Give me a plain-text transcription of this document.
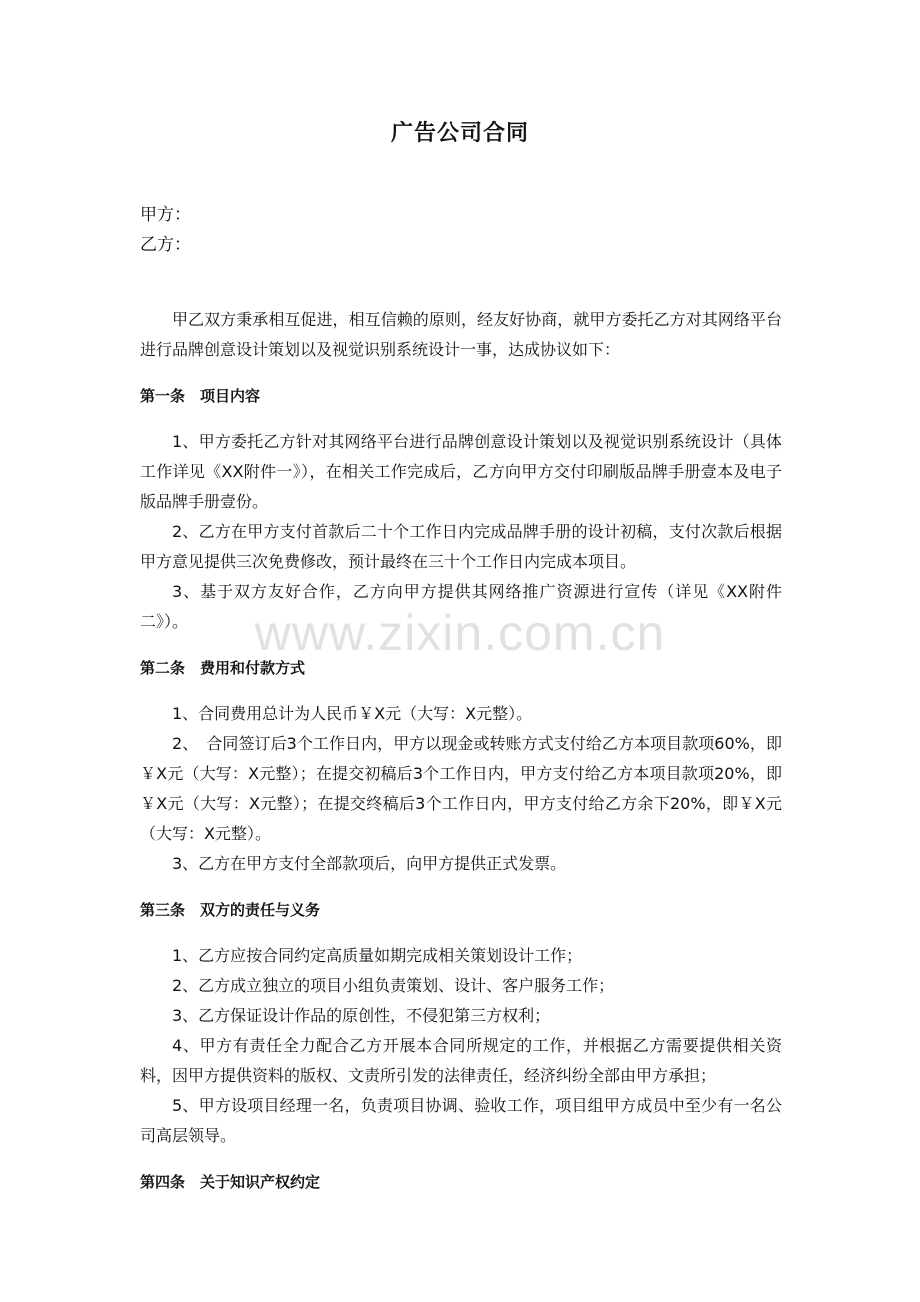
广告公司合同

甲方：

乙方：

甲乙双方秉承相互促进，相互信赖的原则，经友好协商，就甲方委托乙方对其网络平台进行品牌创意设计策划以及视觉识别系统设计一事，达成协议如下：

第一条　项目内容

1、甲方委托乙方针对其网络平台进行品牌创意设计策划以及视觉识别系统设计（具体工作详见《XX附件一》），在相关工作完成后，乙方向甲方交付印刷版品牌手册壹本及电子版品牌手册壹份。

2、乙方在甲方支付首款后二十个工作日内完成品牌手册的设计初稿，支付次款后根据甲方意见提供三次免费修改，预计最终在三十个工作日内完成本项目。

3、基于双方友好合作，乙方向甲方提供其网络推广资源进行宣传（详见《XX附件二》）。

第二条　费用和付款方式

1、合同费用总计为人民币￥X元（大写：X元整）。

2、　合同签订后3个工作日内，甲方以现金或转账方式支付给乙方本项目款项60%，即￥X元（大写：X元整）；在提交初稿后3个工作日内，甲方支付给乙方本项目款项20%，即￥X元（大写：X元整）；在提交终稿后3个工作日内，甲方支付给乙方余下20%，即￥X元（大写：X元整）。

3、乙方在甲方支付全部款项后，向甲方提供正式发票。

第三条　双方的责任与义务

1、乙方应按合同约定高质量如期完成相关策划设计工作；

2、乙方成立独立的项目小组负责策划、设计、客户服务工作；

3、乙方保证设计作品的原创性，不侵犯第三方权利；

4、甲方有责任全力配合乙方开展本合同所规定的工作，并根据乙方需要提供相关资料，因甲方提供资料的版权、文责所引发的法律责任，经济纠纷全部由甲方承担；

5、甲方设项目经理一名，负责项目协调、验收工作，项目组甲方成员中至少有一名公司高层领导。

第四条　关于知识产权约定

www.zixin.com.cn
